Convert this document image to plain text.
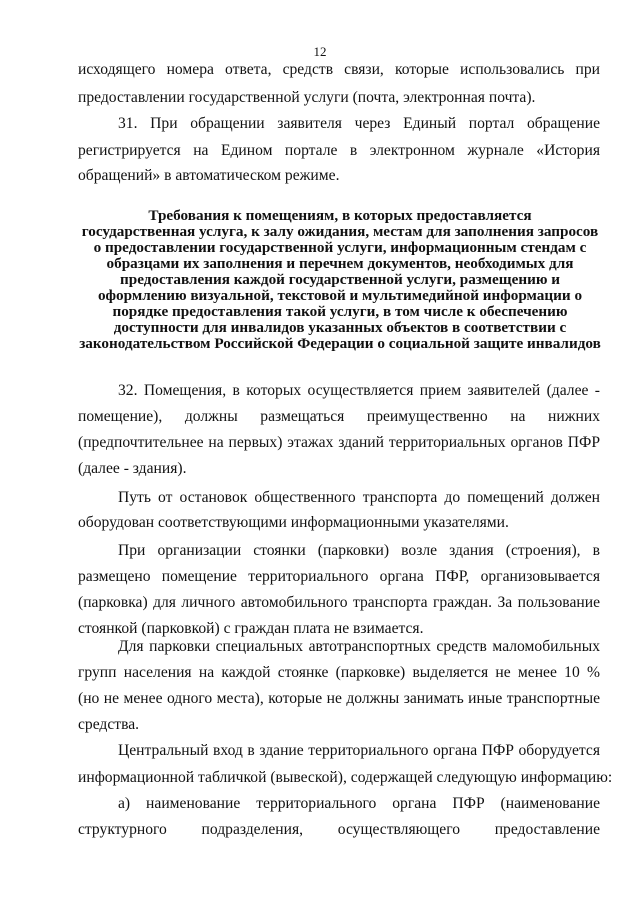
12
исходящего номера ответа, средств связи, которые использовались при
предоставлении государственной услуги (почта, электронная почта).
31. При обращении заявителя через Единый портал обращение
регистрируется на Едином портале в электронном журнале «История
обращений» в автоматическом режиме.
Требования к помещениям, в которых предоставляется
государственная услуга, к залу ожидания, местам для заполнения запросов
о предоставлении государственной услуги, информационным стендам с
образцами их заполнения и перечнем документов, необходимых для
предоставления каждой государственной услуги, размещению и
оформлению визуальной, текстовой и мультимедийной информации о
порядке предоставления такой услуги, в том числе к обеспечению
доступности для инвалидов указанных объектов в соответствии с
законодательством Российской Федерации о социальной защите инвалидов
32. Помещения, в которых осуществляется прием заявителей (далее -
помещение), должны размещаться преимущественно на нижних
(предпочтительнее на первых) этажах зданий территориальных органов ПФР
(далее - здания).
Путь от остановок общественного транспорта до помещений должен
оборудован соответствующими информационными указателями.
При организации стоянки (парковки) возле здания (строения), в
размещено помещение территориального органа ПФР, организовывается
(парковка) для личного автомобильного транспорта граждан. За пользование
стоянкой (парковкой) с граждан плата не взимается.
Для парковки специальных автотранспортных средств маломобильных
групп населения на каждой стоянке (парковке) выделяется не менее 10 %
(но не менее одного места), которые не должны занимать иные транспортные
средства.
Центральный вход в здание территориального органа ПФР оборудуется
информационной табличкой (вывеской), содержащей следующую информацию:
а) наименование территориального органа ПФР (наименование
структурного подразделения, осуществляющего предоставление
